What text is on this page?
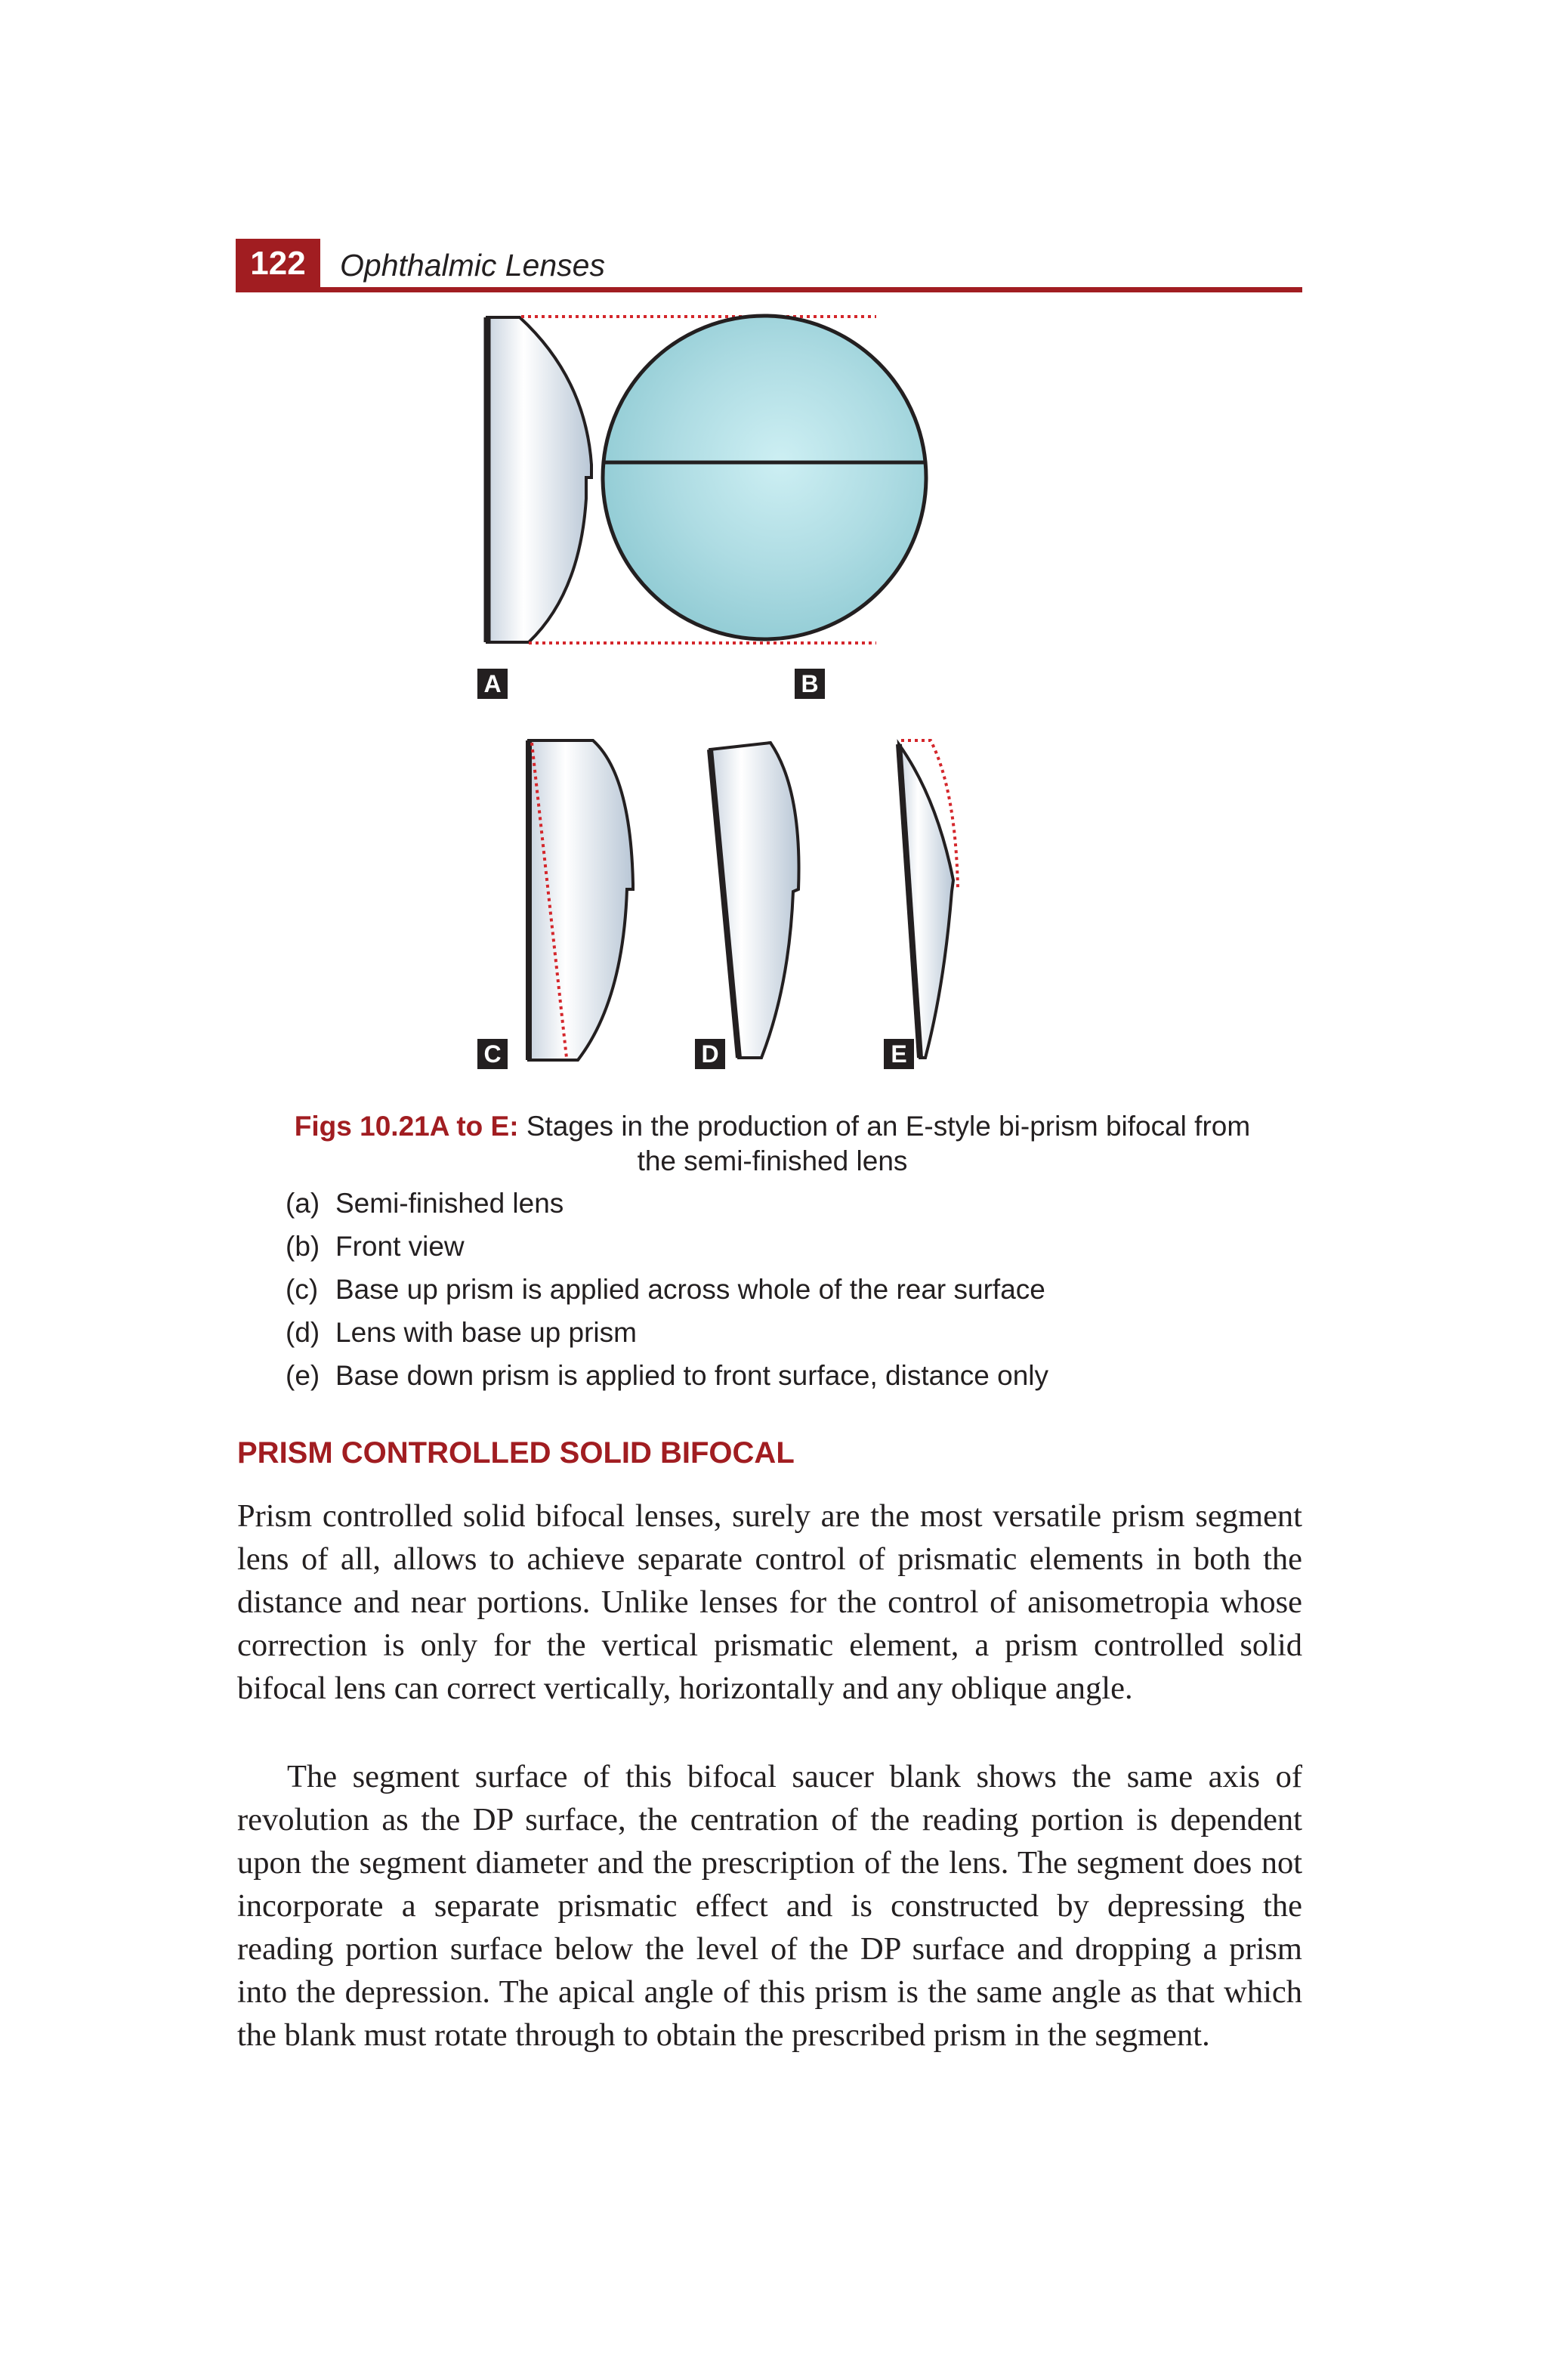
122	Ophthalmic Lenses
A	B
C	D	E
Figs 10.21A to E: Stages in the production of an E-style bi-prism bifocal from the semi-finished lens
(a) Semi-finished lens
(b) Front view
(c) Base up prism is applied across whole of the rear surface
(d) Lens with base up prism
(e) Base down prism is applied to front surface, distance only
PRISM CONTROLLED SOLID BIFOCAL

Prism controlled solid bifocal lenses, surely are the most versatile prism segment lens of all, allows to achieve separate control of prismatic elements in both the distance and near portions. Unlike lenses for the control of anisometropia whose correction is only for the vertical prismatic element, a prism controlled solid bifocal lens can correct vertically, horizontally and any oblique angle.

The segment surface of this bifocal saucer blank shows the same axis of revolution as the DP surface, the centration of the reading portion is dependent upon the segment diameter and the prescription of the lens. The segment does not incorporate a separate prismatic effect and is constructed by depressing the reading portion surface below the level of the DP surface and dropping a prism into the depression. The apical angle of this prism is the same angle as that which the blank must rotate through to obtain the prescribed prism in the segment.
